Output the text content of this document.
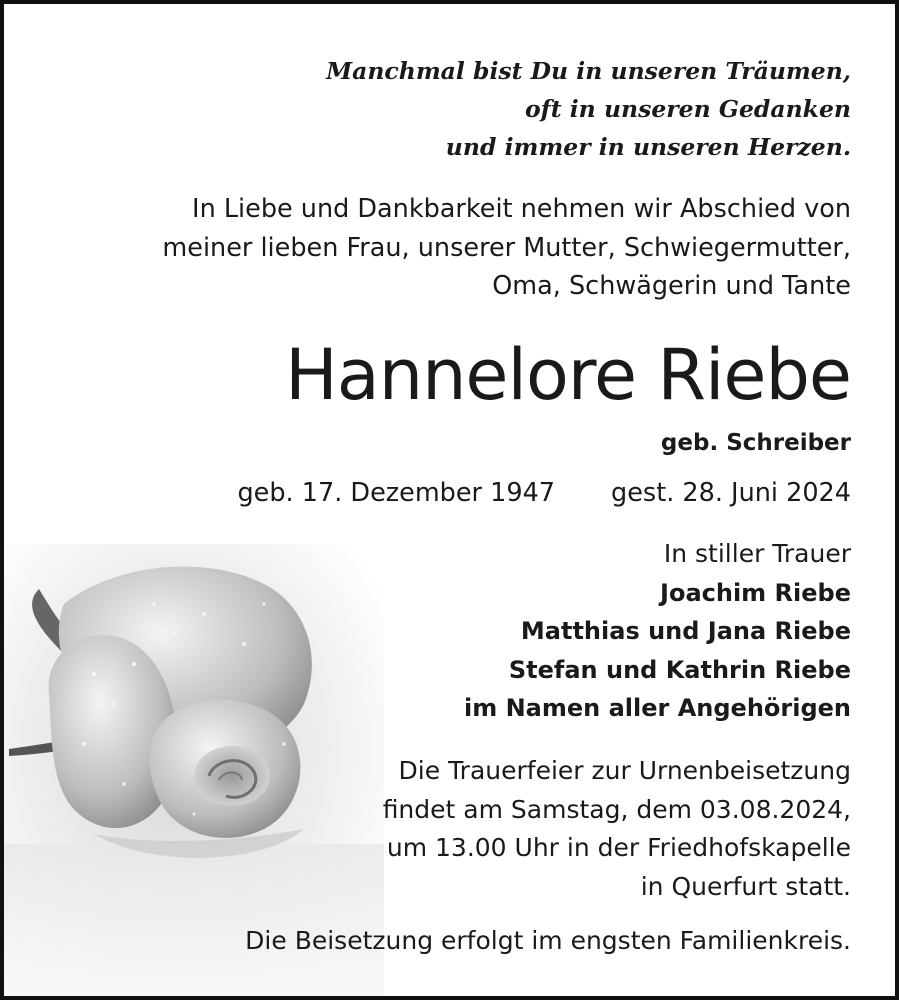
Manchmal bist Du in unseren Träumen,
oft in unseren Gedanken
und immer in unseren Herzen.
In Liebe und Dankbarkeit nehmen wir Abschied von
meiner lieben Frau, unserer Mutter, Schwiegermutter,
Oma, Schwägerin und Tante
Hannelore Riebe
geb. Schreiber
geb. 17. Dezember 1947 gest. 28. Juni 2024
In stiller Trauer
Joachim Riebe
Matthias und Jana Riebe
Stefan und Kathrin Riebe
im Namen aller Angehörigen
Die Trauerfeier zur Urnenbeisetzung
findet am Samstag, dem 03.08.2024,
um 13.00 Uhr in der Friedhofskapelle
in Querfurt statt.
Die Beisetzung erfolgt im engsten Familienkreis.
